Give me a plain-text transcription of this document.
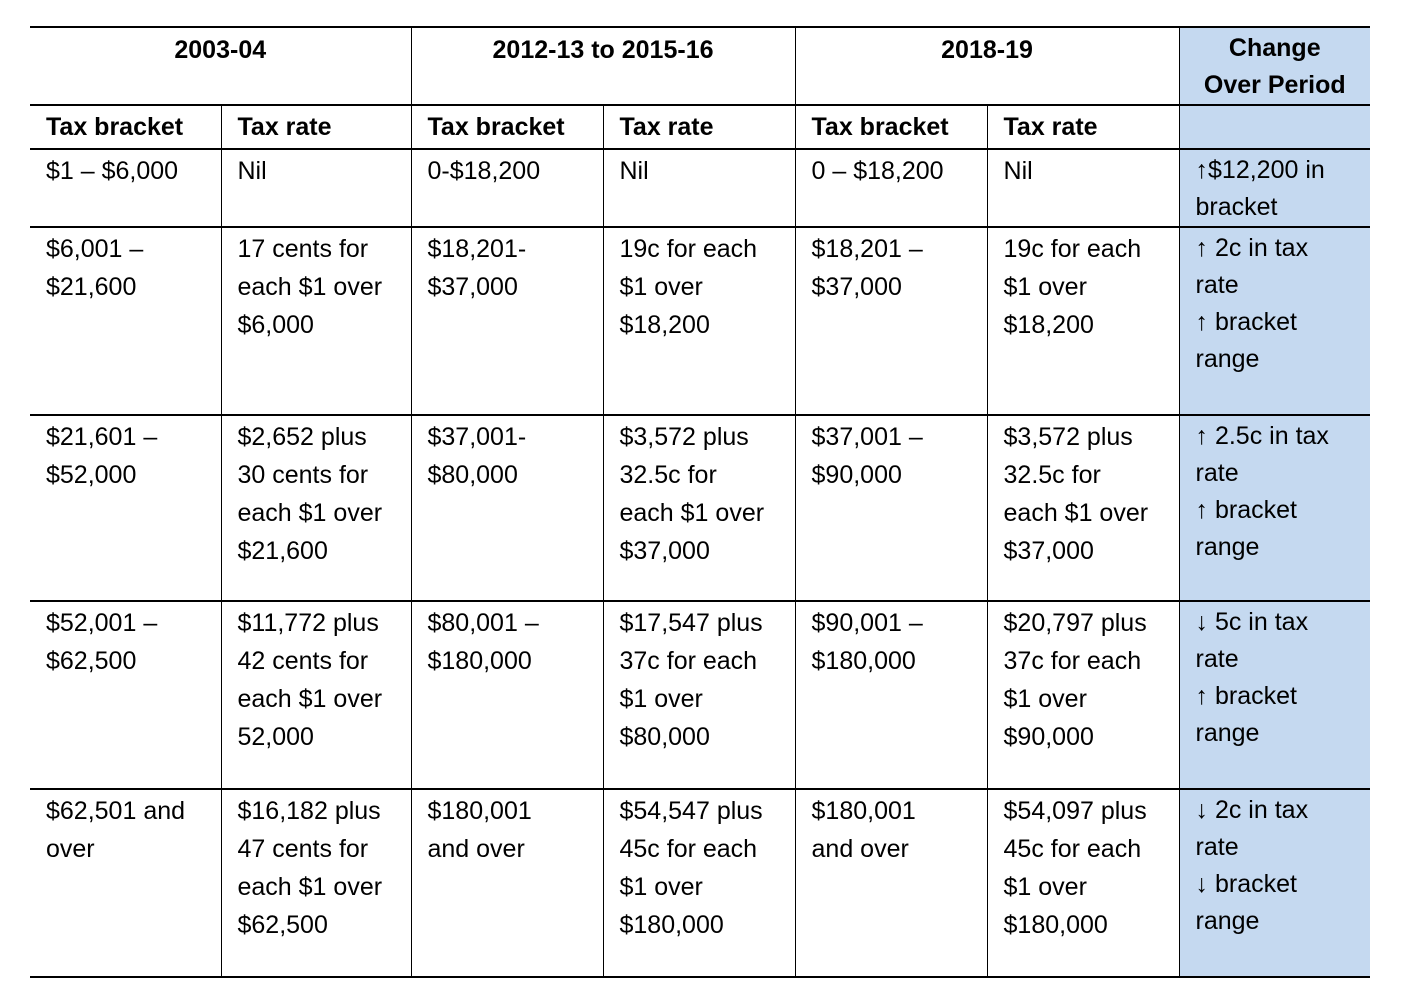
2003-04		2012-13 to 2015-16		2018-19		Change
Over Period

Tax bracket	Tax rate	Tax bracket	Tax rate	Tax bracket	Tax rate	

$1 – $6,000	Nil	0-$18,200	Nil	0 – $18,200	Nil	↑$12,200 in
bracket

$6,001 –
$21,600	17 cents for
each $1 over
$6,000	$18,201-
$37,000	19c for each
$1 over
$18,200	$18,201 –
$37,000	19c for each
$1 over
$18,200	↑ 2c in tax
rate
↑ bracket
range

$21,601 –
$52,000	$2,652 plus
30 cents for
each $1 over
$21,600	$37,001-
$80,000	$3,572 plus
32.5c for
each $1 over
$37,000	$37,001 –
$90,000	$3,572 plus
32.5c for
each $1 over
$37,000	↑ 2.5c in tax
rate
↑ bracket
range

$52,001 –
$62,500	$11,772 plus
42 cents for
each $1 over
52,000	$80,001 –
$180,000	$17,547 plus
37c for each
$1 over
$80,000	$90,001 –
$180,000	$20,797 plus
37c for each
$1 over
$90,000	↓ 5c in tax
rate
↑ bracket
range

$62,501 and
over	$16,182 plus
47 cents for
each $1 over
$62,500	$180,001
and over	$54,547 plus
45c for each
$1 over
$180,000	$180,001
and over	$54,097 plus
45c for each
$1 over
$180,000	↓ 2c in tax
rate
↓ bracket
range
